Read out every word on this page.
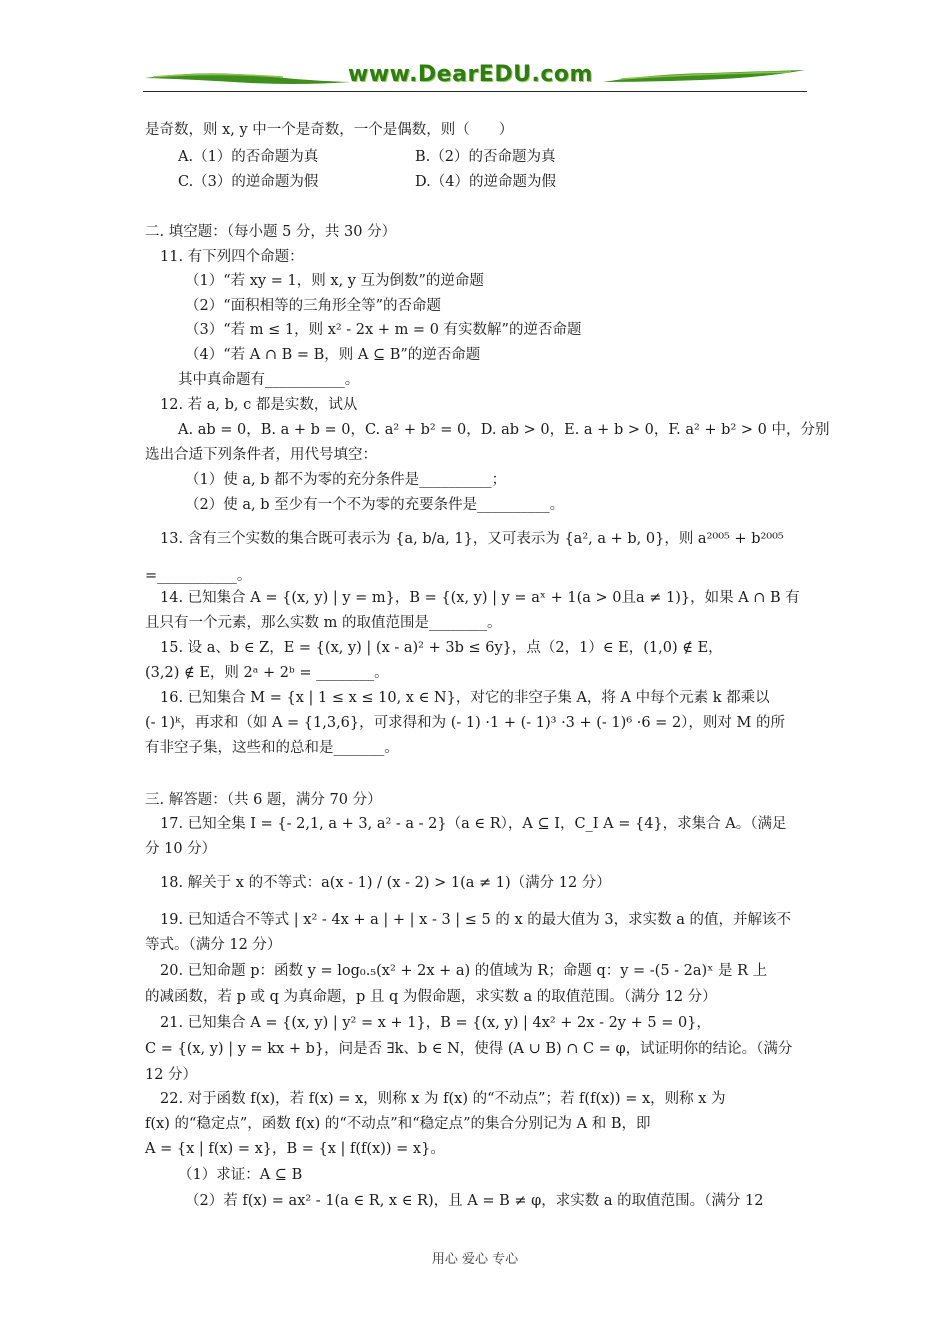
www.DearEDU.com
是奇数，则 x, y 中一个是奇数，一个是偶数，则（　　）
A.（1）的否命题为真	B.（2）的否命题为真
C.（3）的逆命题为假	D.（4）的逆命题为假
二. 填空题：（每小题 5 分，共 30 分）
11. 有下列四个命题：
（1）“若 xy = 1，则 x, y 互为倒数”的逆命题
（2）“面积相等的三角形全等”的否命题
（3）“若 m ≤ 1，则 x² - 2x + m = 0 有实数解”的逆否命题
（4）“若 A ∩ B = B，则 A ⊆ B”的逆否命题
其中真命题有___________。
12. 若 a, b, c 都是实数，试从
A. ab = 0，B. a + b = 0，C. a² + b² = 0，D. ab > 0，E. a + b > 0，F. a² + b² > 0 中，分别
选出合适下列条件者，用代号填空：
（1）使 a, b 都不为零的充分条件是__________；
（2）使 a, b 至少有一个不为零的充要条件是__________。
13. 含有三个实数的集合既可表示为 {a, b/a, 1}，又可表示为 {a², a + b, 0}，则 a²⁰⁰⁵ + b²⁰⁰⁵
=___________。
14. 已知集合 A = {(x, y) | y = m}，B = {(x, y) | y = aˣ + 1(a > 0且a ≠ 1)}，如果 A ∩ B 有
且只有一个元素，那么实数 m 的取值范围是________。
15. 设 a、b ∈ Z，E = {(x, y) | (x - a)² + 3b ≤ 6y}，点（2，1）∈ E，(1,0) ∉ E，
(3,2) ∉ E，则 2ᵃ + 2ᵇ = ________。
16. 已知集合 M = {x | 1 ≤ x ≤ 10, x ∈ N}，对它的非空子集 A，将 A 中每个元素 k 都乘以
(- 1)ᵏ，再求和（如 A = {1,3,6}，可求得和为 (- 1) ·1 + (- 1)³ ·3 + (- 1)⁶ ·6 = 2），则对 M 的所
有非空子集，这些和的总和是_______。
三. 解答题：（共 6 题，满分 70 分）
17. 已知全集 I = {- 2,1, a + 3, a² - a - 2}（a ∈ R），A ⊆ I，C_I A = {4}，求集合 A。（满足
分 10 分）
18. 解关于 x 的不等式：a(x - 1) / (x - 2) > 1(a ≠ 1)（满分 12 分）
19. 已知适合不等式 | x² - 4x + a | + | x - 3 | ≤ 5 的 x 的最大值为 3，求实数 a 的值，并解该不
等式。（满分 12 分）
20. 已知命题 p：函数 y = log₀.₅(x² + 2x + a) 的值域为 R；命题 q：y = -(5 - 2a)ˣ 是 R 上
的减函数，若 p 或 q 为真命题，p 且 q 为假命题，求实数 a 的取值范围。（满分 12 分）
21. 已知集合 A = {(x, y) | y² = x + 1}，B = {(x, y) | 4x² + 2x - 2y + 5 = 0}，
C = {(x, y) | y = kx + b}，问是否 ∃k、b ∈ N，使得 (A ∪ B) ∩ C = φ，试证明你的结论。（满分
12 分）
22. 对于函数 f(x)，若 f(x) = x，则称 x 为 f(x) 的“不动点”；若 f(f(x)) = x，则称 x 为
f(x) 的“稳定点”，函数 f(x) 的“不动点”和“稳定点”的集合分别记为 A 和 B，即
A = {x | f(x) = x}，B = {x | f(f(x)) = x}。
（1）求证：A ⊆ B
（2）若 f(x) = ax² - 1(a ∈ R, x ∈ R)，且 A = B ≠ φ，求实数 a 的取值范围。（满分 12
用心 爱心 专心
